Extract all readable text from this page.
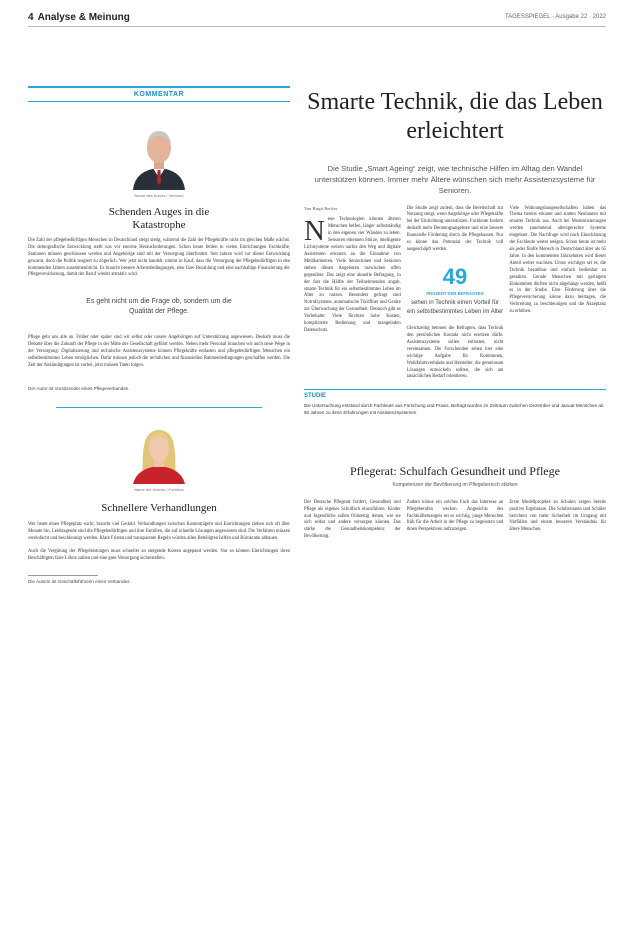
4 Analyse & Meinung	TAGESSPIEGEL · Ausgabe 22 · 2022
KOMMENTAR
Name des Autors / Verband
Schenden Auges in die Katastrophe
Die Zahl der pflegebedürftigen Menschen in Deutschland steigt stetig, während die Zahl der Pflegekräfte nicht im gleichen Maße wächst. Die demografische Entwicklung stellt uns vor enorme Herausforderungen. Schon heute fehlen in vielen Einrichtungen Fachkräfte, Stationen müssen geschlossen werden und Angehörige sind mit der Versorgung überfordert. Seit Jahren wird vor dieser Entwicklung gewarnt, doch die Politik reagiert zu zögerlich. Wer jetzt nicht handelt, nimmt in Kauf, dass die Versorgung der Pflegebedürftigen in den kommenden Jahren zusammenbricht. Es braucht bessere Arbeitsbedingungen, eine faire Bezahlung und eine nachhaltige Finanzierung der Pflegeversicherung, damit der Beruf wieder attraktiv wird.
Es geht nicht um die Frage ob, sondern um die Qualität der Pflege.
Pflege geht uns alle an. Früher oder später sind wir selbst oder unsere Angehörigen auf Unterstützung angewiesen. Deshalb muss die Debatte über die Zukunft der Pflege in der Mitte der Gesellschaft geführt werden. Neben mehr Personal brauchen wir auch neue Wege in der Versorgung: Digitalisierung und technische Assistenzsysteme können Pflegekräfte entlasten und pflegebedürftigen Menschen ein selbstbestimmtes Leben ermöglichen. Dafür müssen jedoch die rechtlichen und finanziellen Rahmenbedingungen geschaffen werden. Die Zeit der Ankündigungen ist vorbei, jetzt müssen Taten folgen.
Der Autor ist Vorsitzender eines Pflegeverbandes.
Name der Autorin / Funktion
Schnellere Verhandlungen
Wer heute einen Pflegeplatz sucht, braucht viel Geduld. Verhandlungen zwischen Kostenträgern und Einrichtungen ziehen sich oft über Monate hin. Leidtragende sind die Pflegebedürftigen und ihre Familien, die auf schnelle Lösungen angewiesen sind. Die Verfahren müssen vereinfacht und beschleunigt werden. Klare Fristen und transparente Regeln würden allen Beteiligten helfen und Bürokratie abbauen.
Auch die Vergütung der Pflegeleistungen muss schneller an steigende Kosten angepasst werden. Nur so können Einrichtungen ihren Beschäftigten faire Löhne zahlen und eine gute Versorgung sicherstellen.
Die Autorin ist Geschäftsführerin eines Verbandes.
Smarte Technik, die das Leben erleichtert
Die Studie „Smart Ageing“ zeigt, wie technische Hilfen im Alltag den Wandel unterstützen können. Immer mehr Ältere wünschen sich mehr Assistenzsysteme für Senioren.
Von Birgit Becker
N eue Technologien können älteren Menschen helfen, länger selbstständig in den eigenen vier Wänden zu leben. Sensoren erkennen Stürze, intelligente Lichtsysteme weisen nachts den Weg und digitale Assistenten erinnern an die Einnahme von Medikamenten. Viele Seniorinnen und Senioren stehen diesen Angeboten inzwischen offen gegenüber. Das zeigt eine aktuelle Befragung, in der fast die Hälfte der Teilnehmenden angab, smarte Technik für ein selbstbestimmtes Leben im Alter zu nutzen. Besonders gefragt sind Notrufsysteme, automatische Türöffner und Geräte zur Überwachung der Gesundheit. Dennoch gibt es Vorbehalte: Viele fürchten hohe Kosten, komplizierte Bedienung und mangelnden Datenschutz.
Die Studie zeigt zudem, dass die Bereitschaft zur Nutzung steigt, wenn Angehörige oder Pflegekräfte bei der Einrichtung unterstützen. Fachleute fordern deshalb mehr Beratungsangebote und eine bessere finanzielle Förderung durch die Pflegekassen. Nur so könne das Potenzial der Technik voll ausgeschöpft werden.
49
PROZENT DER BEFRAGTEN
sehen in Technik einen Vorteil für ein selbstbestimmtes Leben im Alter
Gleichzeitig betonen die Befragten, dass Technik den persönlichen Kontakt nicht ersetzen dürfe. Assistenzsysteme sollen entlasten, nicht vereinsamen. Die Forschenden sehen hier eine wichtige Aufgabe für Kommunen, Wohlfahrtsverbände und Hersteller, die gemeinsam Lösungen entwickeln sollten, die sich am tatsächlichen Bedarf orientieren.
Viele Wohnungsbaugesellschaften haben das Thema bereits erkannt und statten Neubauten mit smarter Technik aus. Auch bei Modernisierungen werden zunehmend altersgerechte Systeme eingebaut. Die Nachfrage wird nach Einschätzung der Fachleute weiter steigen. Schon heute ist mehr als jeder fünfte Mensch in Deutschland älter als 65 Jahre. In den kommenden Jahrzehnten wird dieser Anteil weiter wachsen. Umso wichtiger sei es, die Technik bezahlbar und einfach bedienbar zu gestalten. Gerade Menschen mit geringem Einkommen dürften nicht abgehängt werden, heißt es in der Studie. Eine Förderung über die Pflegeversicherung könne dazu beitragen, die Verbreitung zu beschleunigen und die Akzeptanz zu erhöhen.
STUDIE
Die Untersuchung entstand durch Fachleute aus Forschung und Praxis. Befragt wurden im Zeitraum zwischen Dezember und Januar Menschen ab 60 Jahren zu ihren Erfahrungen mit Assistenzsystemen.
Pflegerat: Schulfach Gesundheit und Pflege
Kompetenzen der Bevölkerung im Pflegebereich stärken
Der Deutsche Pflegerat fordert, Gesundheit und Pflege als eigenes Schulfach einzuführen. Kinder und Jugendliche sollen frühzeitig lernen, wie sie sich selbst und andere versorgen können. Das stärke die Gesundheitskompetenz der Bevölkerung.
Zudem könne ein solches Fach das Interesse an Pflegeberufen wecken. Angesichts des Fachkräftemangels sei es wichtig, junge Menschen früh für die Arbeit in der Pflege zu begeistern und ihnen Perspektiven aufzuzeigen.
Erste Modellprojekte an Schulen zeigen bereits positive Ergebnisse. Die Schülerinnen und Schüler berichten von mehr Sicherheit im Umgang mit Notfällen und einem besseren Verständnis für ältere Menschen.
